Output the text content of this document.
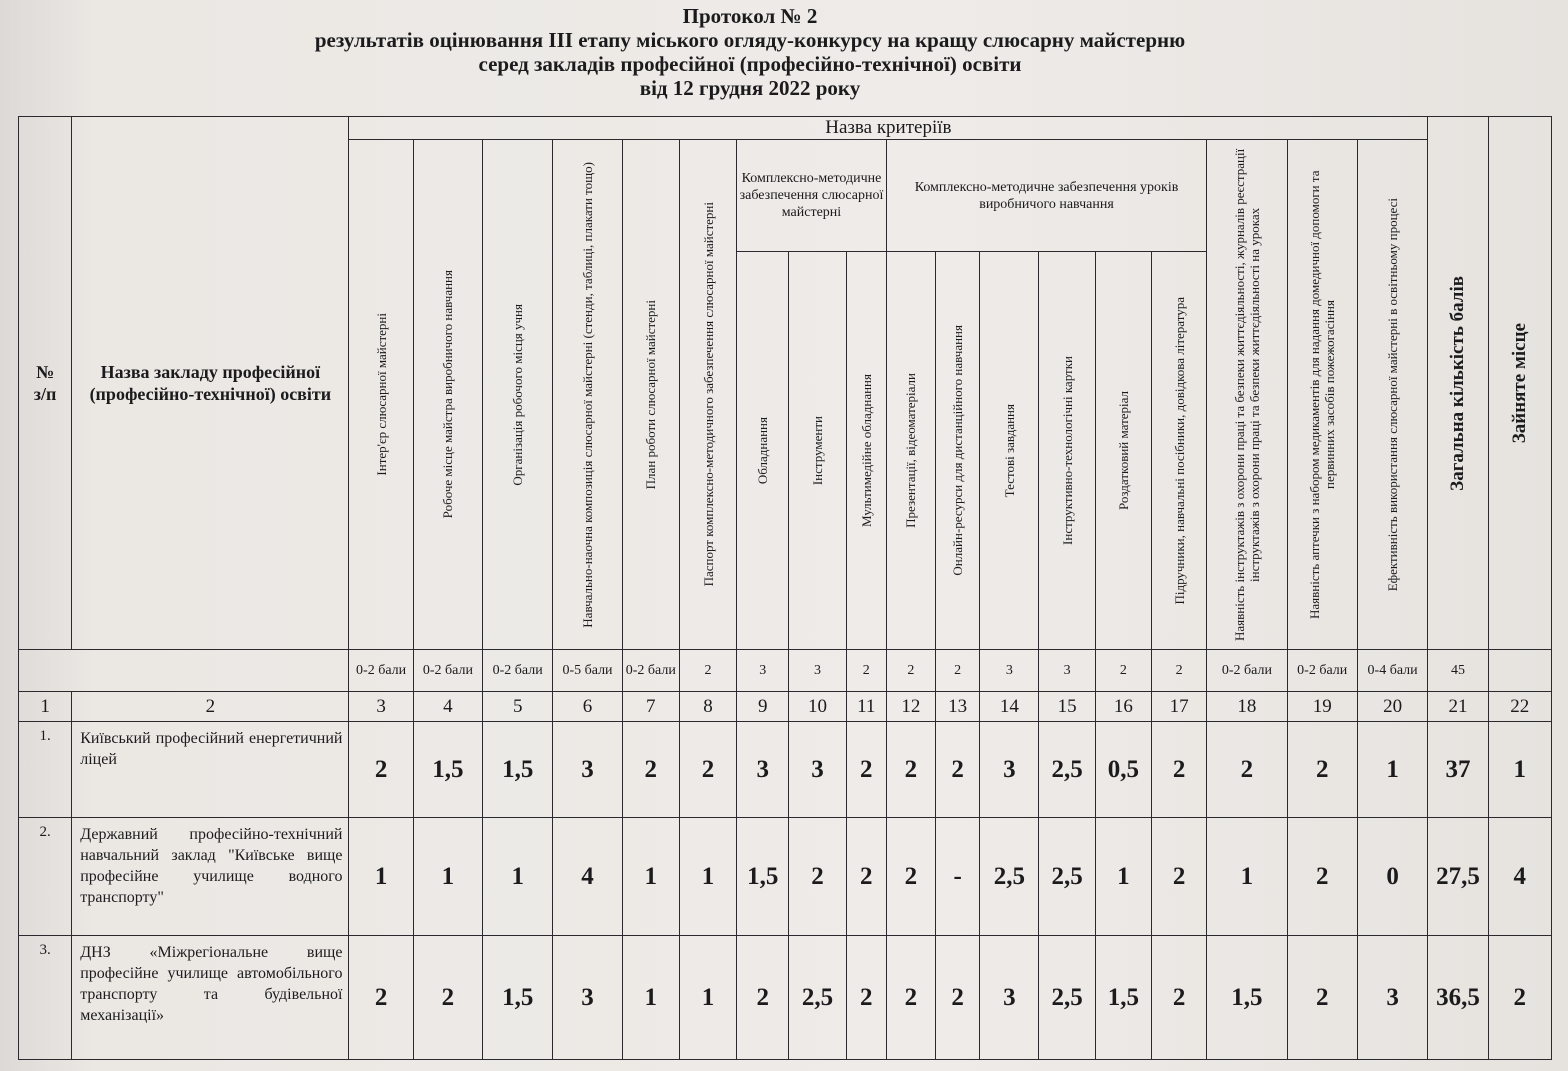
Протокол № 2
результатів оцінювання ІІІ етапу міського огляду-конкурсу на кращу слюсарну майстерню
серед закладів професійної (професійно-технічної) освіти
від 12 грудня 2022 року
№ з/п	Назва закладу професійної (професійно-технічної) освіти	Назва критеріїв																		Загальна кількість балів	Зайняте місце

		Інтер'єр слюсарної майстерні	Робоче місце майстра виробничого навчання	Організація робочого місця учня	Навчально-наочна композиція слюсарної майстерні (стенди, таблиці, плакати тощо)	План роботи слюсарної майстерні	Паспорт комплексно-методичного забезпечення слюсарної майстерні	Комплексно-методичне забезпечення слюсарної майстерні			Комплексно-методичне забезпечення уроків виробничого навчання						Наявність інструктажів з охорони праці та безпеки життєдіяльності, журналів реєстрації інструктажів з охорони праці та безпеки життєдіяльності на уроках	Наявність аптечки з набором медикаментів для надання домедичної допомоги та первинних засобів пожежогасіння	Ефективність використання слюсарної майстерні в освітньому процесі		

								Обладнання	Інструменти	Мультимедійне обладнання	Презентації, відеоматеріали	Онлайн-ресурси для дистанційного навчання	Тестові завдання	Інструктивно-технологічні картки	Роздатковий матеріал	Підручники, навчальні посібники, довідкова література					

		0-2 бали	0-2 бали	0-2 бали	0-5 бали	0-2 бали	2	3	3	2	2	2	3	3	2	2	0-2 бали	0-2 бали	0-4 бали	45	
1	2	3	4	5	6	7	8	9	10	11	12	13	14	15	16	17	18	19	20	21	22
1.	Київський професійний енергетичний ліцей	2	1,5	1,5	3	2	2	3	3	2	2	2	3	2,5	0,5	2	2	2	1	37	1
2.	Державний професійно-технічний навчальний заклад "Київське вище професійне училище водного транспорту"	1	1	1	4	1	1	1,5	2	2	2	-	2,5	2,5	1	2	1	2	0	27,5	4
3.	ДНЗ «Міжрегіональне вище професійне училище автомобільного транспорту та будівельної механізації»	2	2	1,5	3	1	1	2	2,5	2	2	2	3	2,5	1,5	2	1,5	2	3	36,5	2
